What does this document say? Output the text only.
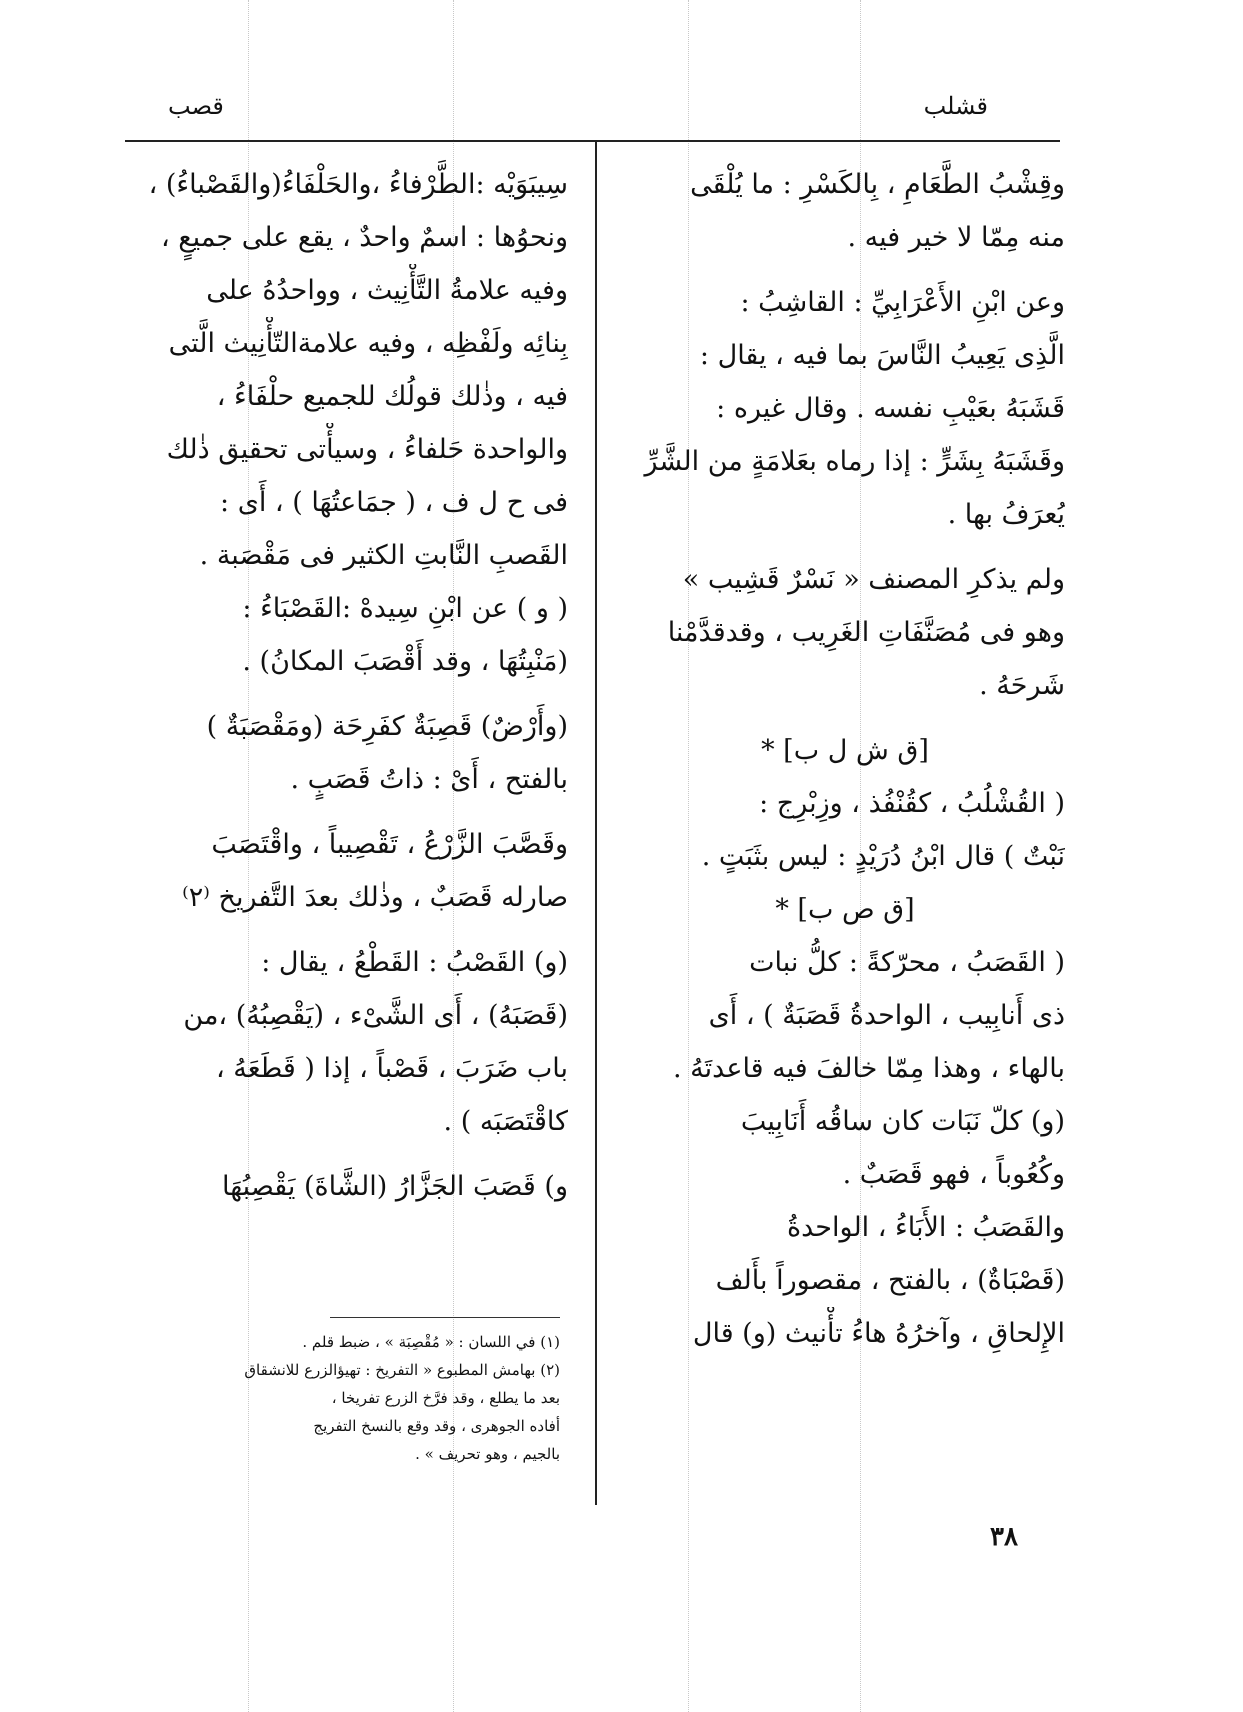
قشلب
قصب
وقِشْبُ الطَّعَامِ ، بِالكَسْرِ : ما يُلْقَى
منه مِمّا لا خير فيه .
وعن ابْنِ الأَعْرَابِيِّ : القاشِبُ :
الَّذِى يَعِيبُ النَّاسَ بما فيه ، يقال :
قَشَبَهُ بعَيْبِ نفسه . وقال غيره :
وقَشَبَهُ بِشَرٍّ : إذا رماه بعَلامَةٍ من الشَّرِّ
يُعرَفُ بها .
ولم يذكرِ المصنف « نَسْرٌ قَشِيب »
وهو فى مُصَنَّفَاتِ الغَرِيب ، وقدقدَّمْنا
شَرحَهُ .
[ق ش ل ب] *
( القُشْلُبُ ، كقُنْفُذ ، وزِبْرِج :
نَبْتٌ ) قال ابْنُ دُرَيْدٍ : ليس بثَبَتٍ .
[ق ص ب] *
( القَصَبُ ، محرّكةً : كلُّ نبات
ذى أَنابِيب ، الواحدةُ قَصَبَةٌ ) ، أَى
بالهاء ، وهذا مِمّا خالفَ فيه قاعدتَهُ .
(و) كلّ نَبَات كان ساقُه أَنَابِيبَ
وكُعُوباً ، فهو قَصَبٌ .
والقَصَبُ : الأَبَاءُ ، الواحدةُ
(قَصْبَاةٌ) ، بالفتح ، مقصوراً بأَلف
الإِلحاقِ ، وآخرُهُ هاءُ تأْنيث (و) قال
سِيبَوَيْه :الطَّرْفاءُ ،والحَلْفَاءُ(والقَصْباءُ) ،
ونحوُها : اسمٌ واحدٌ ، يقع على جميعٍ ،
وفيه علامةُ التَّأْنِيث ، وواحدُهُ على
بِنائِه ولَفْظِه ، وفيه علامةالتّأْنِيث الَّتى
فيه ، وذٰلك قولُك للجميع حلْفَاءُ ،
والواحدة حَلفاءُ ، وسيأْتى تحقيق ذٰلك
فى ح ل ف ، ( جمَاعتُهَا ) ، أَى :
القَصبِ النَّابتِ الكثير فى مَقْصَبة .
( و ) عن ابْنِ سِيدهْ :القَصْبَاءُ :
(مَنْبِتُهَا ، وقد أَقْصَبَ المكانُ) .
(وأَرْضٌ) قَصِبَةٌ كفَرِحَة (ومَقْصَبَةٌ )
بالفتح ، أَىْ : ذاتُ قَصَبٍ .
وقَصَّبَ الزَّرْعُ ، تَقْصِيباً ، واقْتَصَبَ
صارله قَصَبٌ ، وذٰلك بعدَ التَّفريخ ⁽٢⁾
(و) القَصْبُ : القَطْعُ ، يقال :
(قَصَبَهُ) ، أَى الشَّىْء ، (يَقْصِبُهُ) ،من
باب ضَرَبَ ، قَصْباً ، إذا ( قَطَعَهُ ،
كاقْتَصَبَه ) .
و) قَصَبَ الجَزَّارُ (الشَّاةَ) يَقْصِبُهَا
(١) في اللسان : « مُقْصِبَة » ، ضبط قلم .
(٢) بهامش المطبوع « التفريخ : تهيؤالزرع للانشقاق
بعد ما يطلع ، وقد فرَّخ الزرع تفريخا ،
أفاده الجوهرى ، وقد وقع بالنسخ التفريج
بالجيم ، وهو تحريف » .
٣٨
